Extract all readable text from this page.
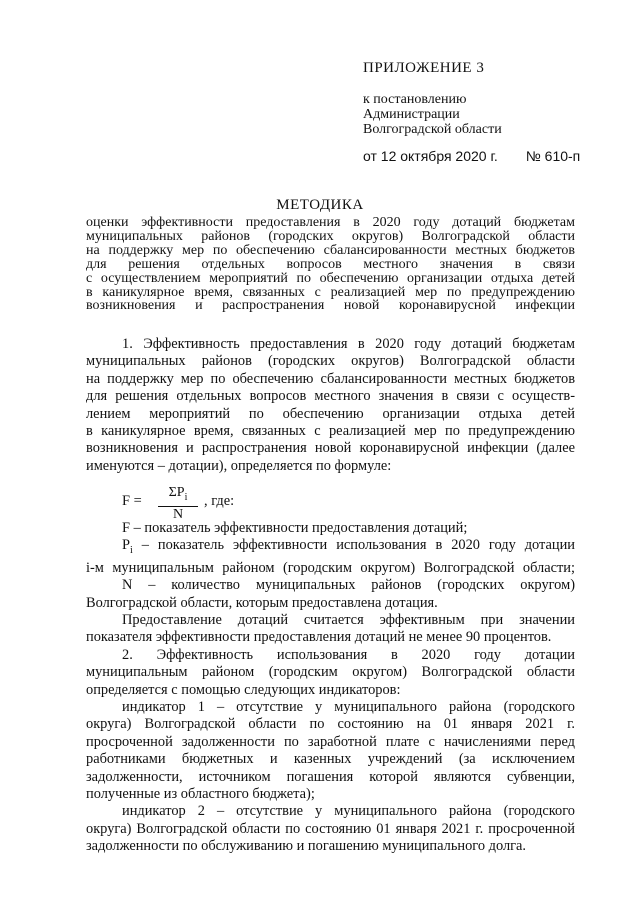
ПРИЛОЖЕНИЕ 3
к постановлению
Администрации
Волгоградской области
от 12 октября 2020 г. № 610-п
МЕТОДИКА
оценки эффективности предоставления в 2020 году дотаций бюджетам
муниципальных районов (городских округов) Волгоградской области
на поддержку мер по обеспечению сбалансированности местных бюджетов
для решения отдельных вопросов местного значения в связи
с осуществлением мероприятий по обеспечению организации отдыха детей
в каникулярное время, связанных с реализацией мер по предупреждению
возникновения и распространения новой коронавирусной инфекции
1. Эффективность предоставления в 2020 году дотаций бюджетам
муниципальных районов (городских округов) Волгоградской области
на поддержку мер по обеспечению сбалансированности местных бюджетов
для решения отдельных вопросов местного значения в связи с осуществ-
лением мероприятий по обеспечению организации отдыха детей
в каникулярное время, связанных с реализацией мер по предупреждению
возникновения и распространения новой коронавирусной инфекции (далее
именуются – дотации), определяется по формуле:
F =
$\Sigma P_i$
N
, где:
F – показатель эффективности предоставления дотаций;
$P_i$ – показатель эффективности использования в 2020 году дотации
i-м муниципальным районом (городским округом) Волгоградской области;
N – количество муниципальных районов (городских округом)
Волгоградской области, которым предоставлена дотация.
Предоставление дотаций считается эффективным при значении
показателя эффективности предоставления дотаций не менее 90 процентов.
2. Эффективность использования в 2020 году дотации
муниципальным районом (городским округом) Волгоградской области
определяется с помощью следующих индикаторов:
индикатор 1 – отсутствие у муниципального района (городского
округа) Волгоградской области по состоянию на 01 января 2021 г.
просроченной задолженности по заработной плате с начислениями перед
работниками бюджетных и казенных учреждений (за исключением
задолженности, источником погашения которой являются субвенции,
полученные из областного бюджета);
индикатор 2 – отсутствие у муниципального района (городского
округа) Волгоградской области по состоянию 01 января 2021 г. просроченной
задолженности по обслуживанию и погашению муниципального долга.
